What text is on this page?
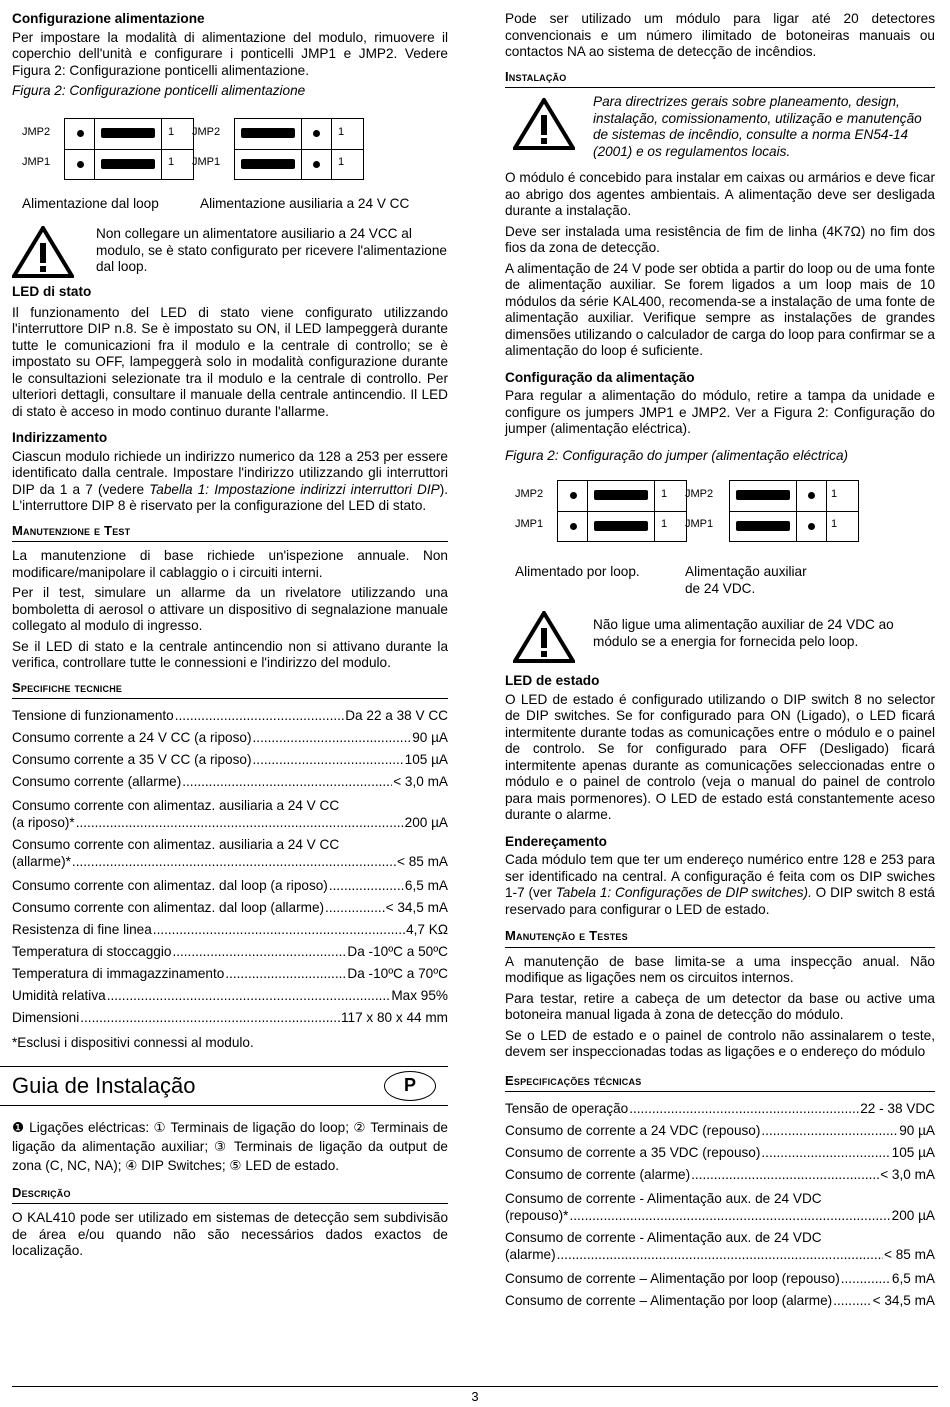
Configurazione alimentazione

Per impostare la modalità di alimentazione del modulo, rimuovere il coperchio dell'unità e configurare i ponticelli JMP1 e JMP2. Vedere Figura 2: Configurazione ponticelli alimentazione.

Figura 2: Configurazione ponticelli alimentazione
JMP2
JMP1
1
1
JMP2
JMP1
1
1
Alimentazione dal loop	Alimentazione ausiliaria a 24 V CC
Non collegare un alimentatore ausiliario a 24 VCC al modulo, se è stato configurato per ricevere l'alimentazione dal loop.
LED di stato

Il funzionamento del LED di stato viene configurato utilizzando l'interruttore DIP n.8. Se è impostato su ON, il LED lampeggerà durante tutte le comunicazioni fra il modulo e la centrale di controllo; se è impostato su OFF, lampeggerà solo in modalità configurazione durante le consultazioni selezionate tra il modulo e la centrale di controllo. Per ulteriori dettagli, consultare il manuale della centrale antincendio. Il LED di stato è acceso in modo continuo durante l'allarme.

Indirizzamento

Ciascun modulo richiede un indirizzo numerico da 128 a 253 per essere identificato dalla centrale. Impostare l'indirizzo utilizzando gli interruttori DIP da 1 a 7 (vedere Tabella 1: Impostazione indirizzi interruttori DIP). L'interruttore DIP 8 è riservato per la configurazione del LED di stato.

Manutenzione e Test

La manutenzione di base richiede un'ispezione annuale. Non modificare/manipolare il cablaggio o i circuiti interni.

Per il test, simulare un allarme da un rivelatore utilizzando una bomboletta di aerosol o attivare un dispositivo di segnalazione manuale collegato al modulo di ingresso.

Se il LED di stato e la centrale antincendio non si attivano durante la verifica, controllare tutte le connessioni e l'indirizzo del modulo.

Specifiche tecniche
Tensione di funzionamento .....	Da 22 a 38 V CC
Consumo corrente a 24 V CC (a riposo) .....	90 µA
Consumo corrente a 35 V CC (a riposo) .....	105 µA
Consumo corrente (allarme) .....	< 3,0 mA
Consumo corrente con alimentaz. ausiliaria a 24 V CC
(a riposo)* .....	200 µA
Consumo corrente con alimentaz. ausiliaria a 24 V CC
(allarme)* .....	< 85 mA
Consumo corrente con alimentaz. dal loop (a riposo) .....	6,5 mA
Consumo corrente con alimentaz. dal loop (allarme) .....	< 34,5 mA
Resistenza di fine linea .....	4,7 KΩ
Temperatura di stoccaggio .....	Da -10ºC a 50ºC
Temperatura di immagazzinamento .....	Da -10ºC a 70ºC
Umidità relativa .....	Max 95%
Dimensioni .....	117 x 80 x 44 mm
*Esclusi i dispositivi connessi al modulo.
Guia de Instalação	P

❶ Ligações eléctricas: ① Terminais de ligação do loop; ② Terminais de ligação da alimentação auxiliar; ③ Terminais de ligação da output de zona (C, NC, NA); ④ DIP Switches; ⑤ LED de estado.

Descrição

O KAL410 pode ser utilizado em sistemas de detecção sem subdivisão de área e/ou quando não são necessários dados exactos de localização.

Pode ser utilizado um módulo para ligar até 20 detectores convencionais e um número ilimitado de botoneiras manuais ou contactos NA ao sistema de detecção de incêndios.

Instalação
Para directrizes gerais sobre planeamento, design, instalação, comissionamento, utilização e manutenção de sistemas de incêndio, consulte a norma EN54-14 (2001) e os regulamentos locais.

O módulo é concebido para instalar em caixas ou armários e deve ficar ao abrigo dos agentes ambientais. A alimentação deve ser desligada durante a instalação.

Deve ser instalada uma resistência de fim de linha (4K7Ω) no fim dos fios da zona de detecção.

A alimentação de 24 V pode ser obtida a partir do loop ou de uma fonte de alimentação auxiliar. Se forem ligados a um loop mais de 10 módulos da série KAL400, recomenda-se a instalação de uma fonte de alimentação auxiliar. Verifique sempre as instalações de grandes dimensões utilizando o calculador de carga do loop para confirmar se a alimentação do loop é suficiente.

Configuração da alimentação

Para regular a alimentação do módulo, retire a tampa da unidade e configure os jumpers JMP1 e JMP2. Ver a Figura 2: Configuração do jumper (alimentação eléctrica).

Figura 2: Configuração do jumper (alimentação eléctrica)
JMP2
JMP1
1
1
JMP2
JMP1
1
1
Alimentado por loop.	Alimentação auxiliar
de 24 VDC.
Não ligue uma alimentação auxiliar de 24 VDC ao módulo se a energia for fornecida pelo loop.
LED de estado

O LED de estado é configurado utilizando o DIP switch 8 no selector de DIP switches. Se for configurado para ON (Ligado), o LED ficará intermitente durante todas as comunicações entre o módulo e o painel de controlo. Se for configurado para OFF (Desligado) ficará intermitente apenas durante as comunicações seleccionadas entre o módulo e o painel de controlo (veja o manual do painel de controlo para mais pormenores). O LED de estado está constantemente aceso durante o alarme.

Endereçamento

Cada módulo tem que ter um endereço numérico entre 128 e 253 para ser identificado na central. A configuração é feita com os DIP swiches 1-7 (ver Tabela 1: Configurações de DIP switches). O DIP switch 8 está reservado para configurar o LED de estado.

Manutenção e Testes

A manutenção de base limita-se a uma inspecção anual. Não modifique as ligações nem os circuitos internos.

Para testar, retire a cabeça de um detector da base ou active uma botoneira manual ligada à zona de detecção do módulo.

Se o LED de estado e o painel de controlo não assinalarem o teste, devem ser inspeccionadas todas as ligações e o endereço do módulo

Especificações técnicas
Tensão de operação .....	22 - 38 VDC
Consumo de corrente a 24 VDC (repouso) .....	90 µA
Consumo de corrente a 35 VDC (repouso) .....	105 µA
Consumo de corrente (alarme) .....	< 3,0 mA
Consumo de corrente - Alimentação aux. de 24 VDC
(repouso)* .....	200 µA
Consumo de corrente - Alimentação aux. de 24 VDC
(alarme) .....	< 85 mA
Consumo de corrente – Alimentação por loop (repouso) .....	6,5 mA
Consumo de corrente – Alimentação por loop (alarme) .....	< 34,5 mA
3
